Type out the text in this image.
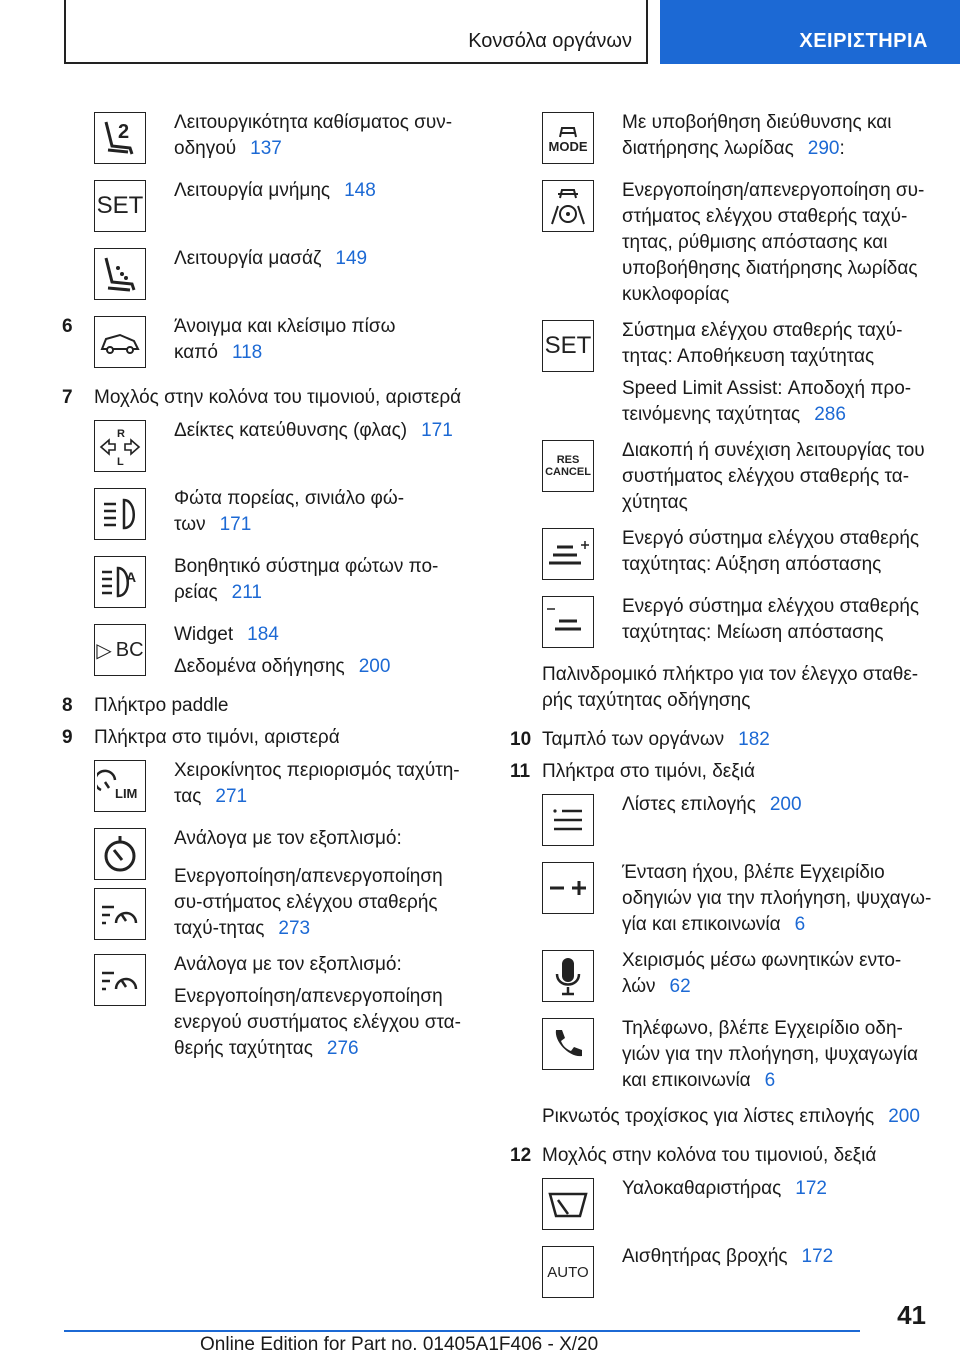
Κονσόλα οργάνων	ΧΕΙΡΙΣΤΗΡΙΑ
2 Λειτουργικότητα καθίσματος συν-οδηγού 137
SET
Λειτουργία μνήμης 148
Λειτουργία μασάζ 149
6	Άνοιγμα και κλείσιμο πίσω καπό 118
7 Μοχλός στην κολόνα του τιμονιού, αριστερά
R
L
Δείκτες κατεύθυνσης (φλας) 171
Φώτα πορείας, σινιάλο φώ-των 171
A Βοηθητικό σύστημα φώτων πο-ρείας 211
▷ BC

Widget 184

Δεδομένα οδήγησης 200

8 Πλήκτρο paddle
9 Πλήκτρα στο τιμόνι, αριστερά
LIM
Χειροκίνητος περιορισμός ταχύτη-τας 271

Ανάλογα με τον εξοπλισμό:

Ενεργοποίηση/απενεργοποίηση συ-στήματος ελέγχου σταθερής ταχύ-τητας 273

Ανάλογα με τον εξοπλισμό:

Ενεργοποίηση/απενεργοποίηση ενεργού συστήματος ελέγχου στα-θερής ταχύτητας 276

MODE
Με υποβοήθηση διεύθυνσης και διατήρησης λωρίδας 290:
Ενεργοποίηση/απενεργοποίηση συ-στήματος ελέγχου σταθερής ταχύ-τητας, ρύθμισης απόστασης και υποβοήθησης διατήρησης λωρίδας κυκλοφορίας
SET

Σύστημα ελέγχου σταθερής ταχύ-τητας: Αποθήκευση ταχύτητας

Speed Limit Assist: Αποδοχή προ-τεινόμενης ταχύτητας 286

RES
CANCEL
Διακοπή ή συνέχιση λειτουργίας του συστήματος ελέγχου σταθερής τα-χύτητας
Ενεργό σύστημα ελέγχου σταθερής ταχύτητας: Αύξηση απόστασης
Ενεργό σύστημα ελέγχου σταθερής ταχύτητας: Μείωση απόστασης

Παλινδρομικό πλήκτρο για τον έλεγχο σταθε-ρής ταχύτητας οδήγησης

10 Ταμπλό των οργάνων 182
11 Πλήκτρα στο τιμόνι, δεξιά
Λίστες επιλογής 200
Ένταση ήχου, βλέπε Εγχειρίδιο οδηγιών για την πλοήγηση, ψυχαγω-γία και επικοινωνία 6
Χειρισμός μέσω φωνητικών εντο-λών 62
Τηλέφωνο, βλέπε Εγχειρίδιο οδη-γιών για την πλοήγηση, ψυχαγωγία και επικοινωνία 6

Ρικνωτός τροχίσκος για λίστες επιλογής 200

12 Μοχλός στην κολόνα του τιμονιού, δεξιά
Υαλοκαθαριστήρας 172
AUTO
Αισθητήρας βροχής 172
41
Online Edition for Part no. 01405A1F406 - X/20
